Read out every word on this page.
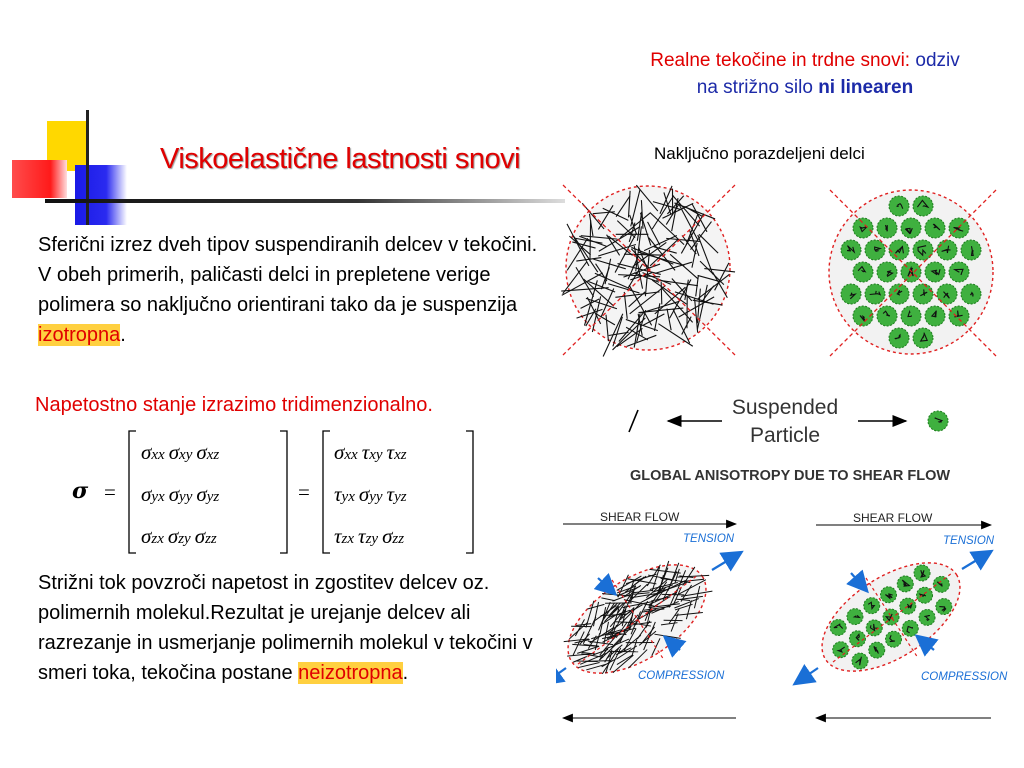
Viskoelastične lastnosti snovi
Realne tekočine in trdne snovi: odziv
na strižno silo ni linearen
Naključno porazdeljeni delci
Sferični izrez dveh tipov suspendiranih delcev v tekočini. V obeh primerih, paličasti delci in prepletene verige polimera so naključno orientirani tako da je suspenzija izotropna.
Napetostno stanje izrazimo tridimenzionalno.
σ =	=
σxx σxy σxz
σyx σyy σyz
σzx σzy σzz
σxx τxy τxz
τyx σyy τyz
τzx τzy σzz
Strižni tok povzroči napetost in zgostitev delcev oz. polimernih molekul.Rezultat je urejanje delcev ali razrezanje in usmerjanje polimernih molekul v tekočini v smeri toka, tekočina postane neizotropna.
Suspended
Particle
GLOBAL ANISOTROPY DUE TO SHEAR FLOW
SHEAR FLOW
TENSION
COMPRESSION
SHEAR FLOW
TENSION
COMPRESSION
